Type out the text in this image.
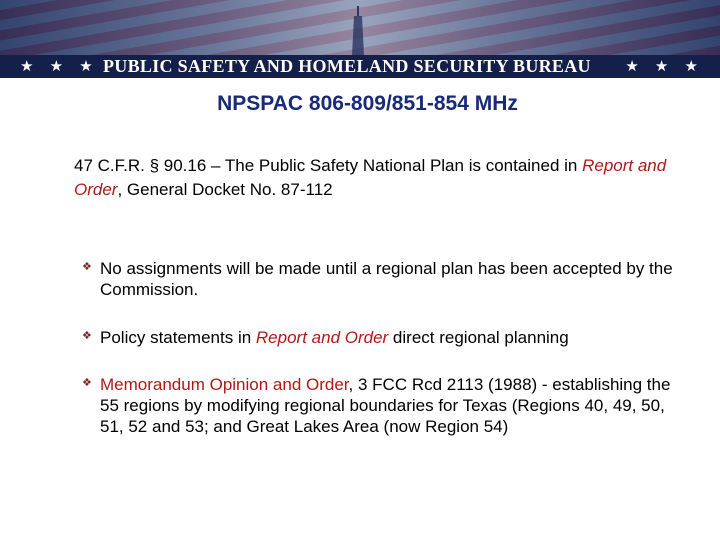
★ ★ ★ PUBLIC SAFETY AND HOMELAND SECURITY BUREAU ★ ★ ★
NPSPAC 806-809/851-854 MHz
47 C.F.R. § 90.16 – The Public Safety National Plan is contained in Report and Order, General Docket No. 87-112
❖ No assignments will be made until a regional plan has been accepted by the Commission.
❖ Policy statements in Report and Order direct regional planning
❖ Memorandum Opinion and Order, 3 FCC Rcd 2113 (1988) - establishing the 55 regions by modifying regional boundaries for Texas (Regions 40, 49, 50, 51, 52 and 53; and Great Lakes Area (now Region 54)
